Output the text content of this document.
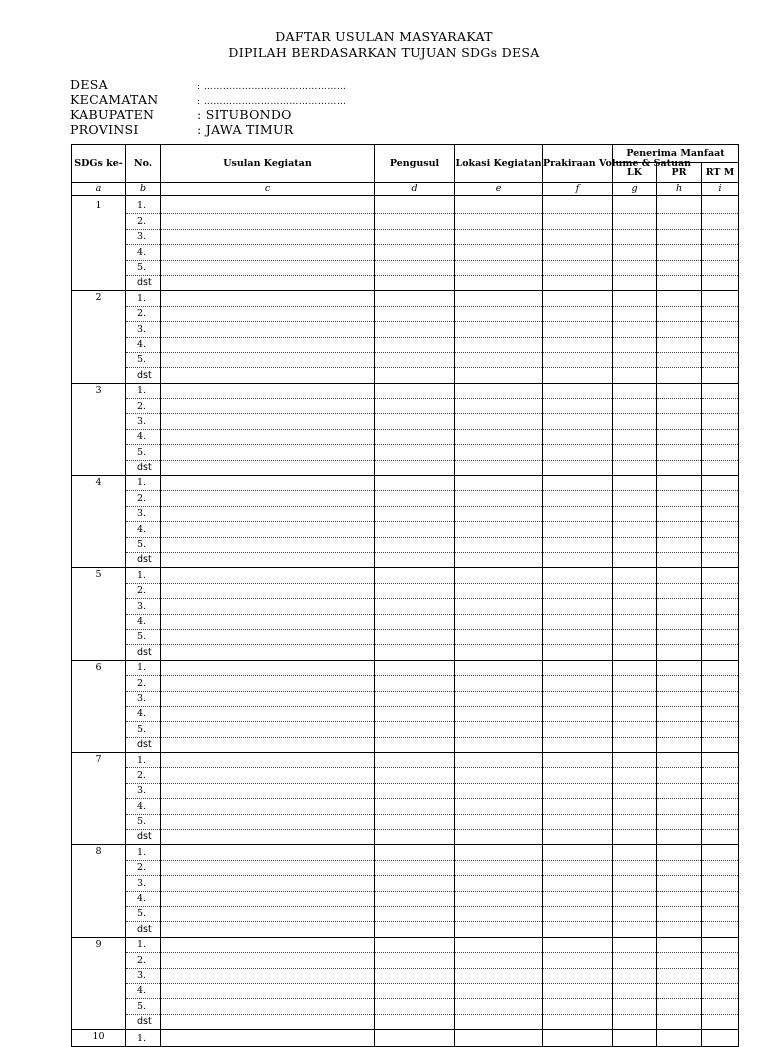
DAFTAR USULAN MASYARAKAT
DIPILAH BERDASARKAN TUJUAN SDGs DESA
DESA	: ………………………………………
KECAMATAN	: ………………………………………
KABUPATEN	: SITUBONDO
PROVINSI	: JAWA TIMUR
SDGs ke-	No.	Usulan Kegiatan	Pengusul	Lokasi Kegiatan	Prakiraan Volume & Satuan	Penerima Manfaat		
						LK	PR	RT M
a	b	c	d	e	f	g	h	i

1	1.							
	2.							
	3.							
	4.							
	5.							
	dst							
2	1.							
	2.							
	3.							
	4.							
	5.							
	dst							
3	1.							
	2.							
	3.							
	4.							
	5.							
	dst							
4	1.							
	2.							
	3.							
	4.							
	5.							
	dst							
5	1.							
	2.							
	3.							
	4.							
	5.							
	dst							
6	1.							
	2.							
	3.							
	4.							
	5.							
	dst							
7	1.							
	2.							
	3.							
	4.							
	5.							
	dst							
8	1.							
	2.							
	3.							
	4.							
	5.							
	dst							
9	1.							
	2.							
	3.							
	4.							
	5.							
	dst							
10	1.							
